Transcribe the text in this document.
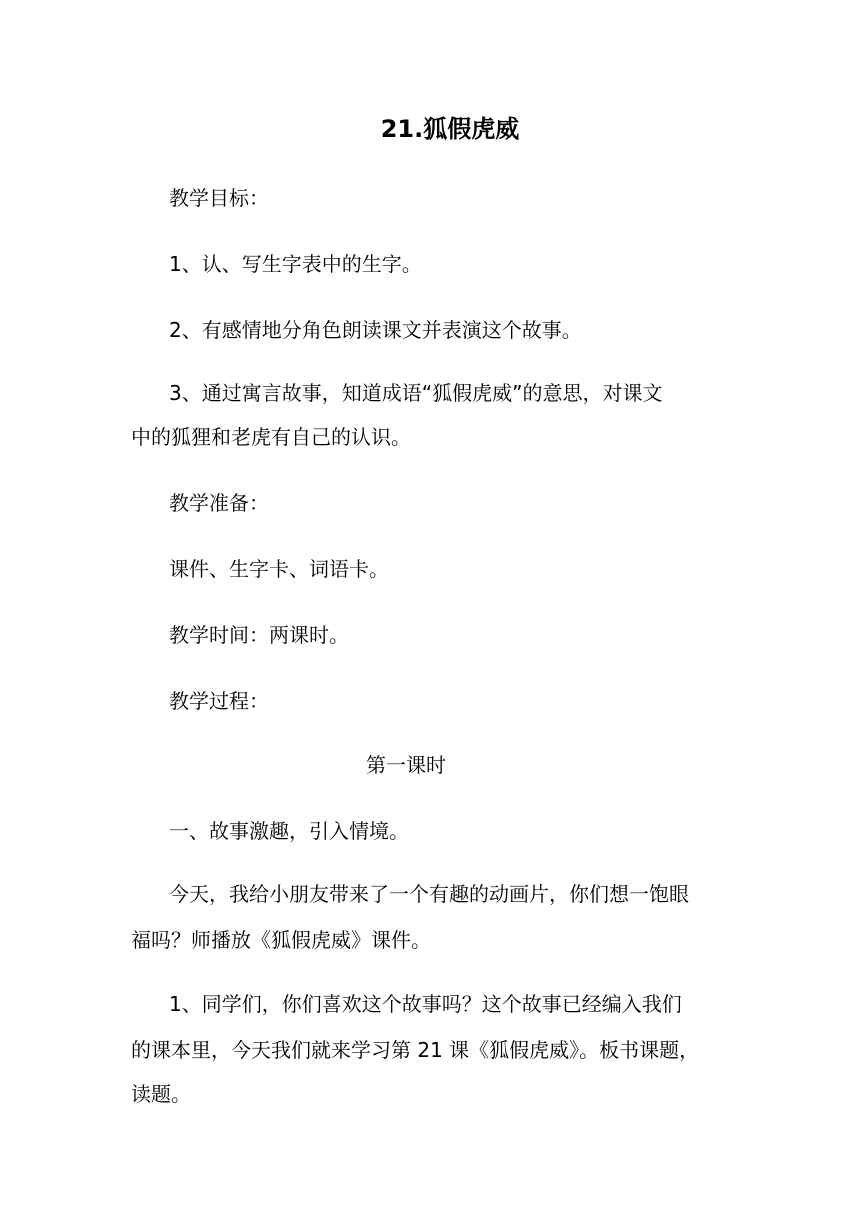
21.狐假虎威
教学目标：
1、认、写生字表中的生字。
2、有感情地分角色朗读课文并表演这个故事。
3、通过寓言故事，知道成语“狐假虎威”的意思，对课文
中的狐狸和老虎有自己的认识。
教学准备：
课件、生字卡、词语卡。
教学时间：两课时。
教学过程：
第一课时
一、故事激趣，引入情境。
今天，我给小朋友带来了一个有趣的动画片，你们想一饱眼
福吗？师播放《狐假虎威》课件。
1、同学们，你们喜欢这个故事吗？这个故事已经编入我们
的课本里，今天我们就来学习第 21 课《狐假虎威》。板书课题，
读题。
